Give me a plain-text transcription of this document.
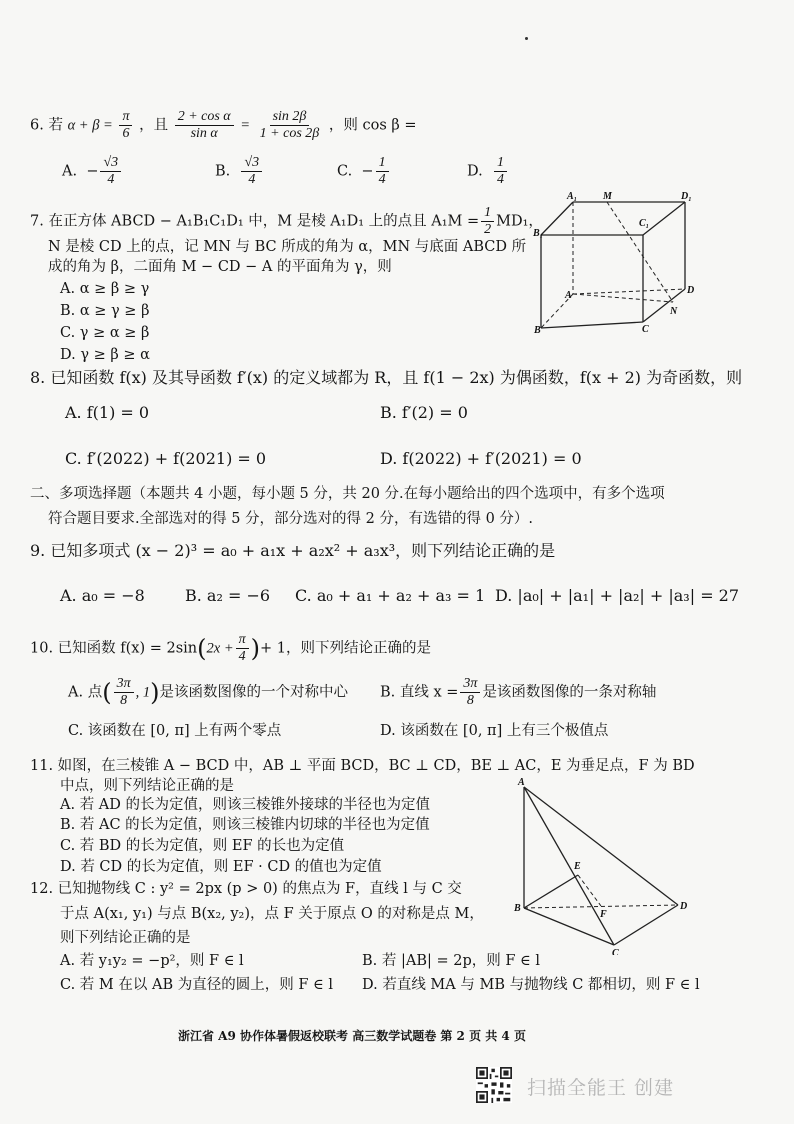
6. 若 $\alpha + \beta = \frac{\pi}{6}$ ，且 $\frac{\text{2 + cos α}}{\text{sin α}} = \frac{\sin 2\beta}{1 + \cos 2\beta}$ ，则 cos β =
A. − $\frac{√3}{4}$	B. $\frac{√3}{4}$	C. − $\frac{1}{4}$	D. $\frac{1}{4}$
7. 在正方体 ABCD − A₁B₁C₁D₁ 中，M 是棱 A₁D₁ 上的点且 $A_1M = \frac{1}{2} MD_1$，
N 是棱 CD 上的点，记 MN 与 BC 所成的角为 α，MN 与底面 ABCD 所
成的角为 β，二面角 M − CD − A 的平面角为 γ，则
A. α ≥ β ≥ γ
B. α ≥ γ ≥ β
C. γ ≥ α ≥ β
D. γ ≥ β ≥ α
A₁	M	D₁
B₁
C₁
A	D
B	C
N
8. 已知函数 f(x) 及其导函数 f′(x) 的定义域都为 R，且 f(1 − 2x) 为偶函数，f(x + 2) 为奇函数，则
A. f(1) = 0	B. f′(2) = 0
C. f′(2022) + f(2021) = 0	D. f(2022) + f′(2021) = 0
二、多项选择题（本题共 4 小题，每小题 5 分，共 20 分.在每小题给出的四个选项中，有多个选项
符合题目要求.全部选对的得 5 分，部分选对的得 2 分，有选错的得 0 分）.
9. 已知多项式 (x − 2)³ = a₀ + a₁x + a₂x² + a₃x³，则下列结论正确的是
A. a₀ = −8	B. a₂ = −6 C. a₀ + a₁ + a₂ + a₃ = 1 D. |a₀| + |a₁| + |a₂| + |a₃| = 27
10. 已知函数 $f(x) = 2\sin(2x + \frac{\pi}{4}$ )+ 1，则下列结论正确的是
A. 点( $\frac{3\pi}{8}$ , 1)是该函数图像的一个对称中心 B. 直线 $x = \frac{3\pi}{8}$ 是该函数图像的一条对称轴
C. 该函数在 [0, π] 上有两个零点	D. 该函数在 [0, π] 上有三个极值点
11. 如图，在三棱锥 A − BCD 中，AB ⊥ 平面 BCD，BC ⊥ CD，BE ⊥ AC，E 为垂足点，F 为 BD
中点，则下列结论正确的是
A. 若 AD 的长为定值，则该三棱锥外接球的半径也为定值
B. 若 AC 的长为定值，则该三棱锥内切球的半径也为定值
C. 若 BD 的长为定值，则 EF 的长也为定值
D. 若 CD 的长为定值，则 EF · CD 的值也为定值
A
E
B
F
D
C
12. 已知抛物线 C : y² = 2px (p > 0) 的焦点为 F，直线 l 与 C 交
于点 A(x₁, y₁) 与点 B(x₂, y₂)，点 F 关于原点 O 的对称是点 M，
则下列结论正确的是
A. 若 y₁y₂ = −p²，则 F ∈ l	B. 若 |AB| = 2p，则 F ∈ l
C. 若 M 在以 AB 为直径的圆上，则 F ∈ l D. 若直线 MA 与 MB 与抛物线 C 都相切，则 F ∈ l
浙江省 A9 协作体暑假返校联考 高三数学试题卷 第 2 页 共 4 页
扫描全能王 创建
